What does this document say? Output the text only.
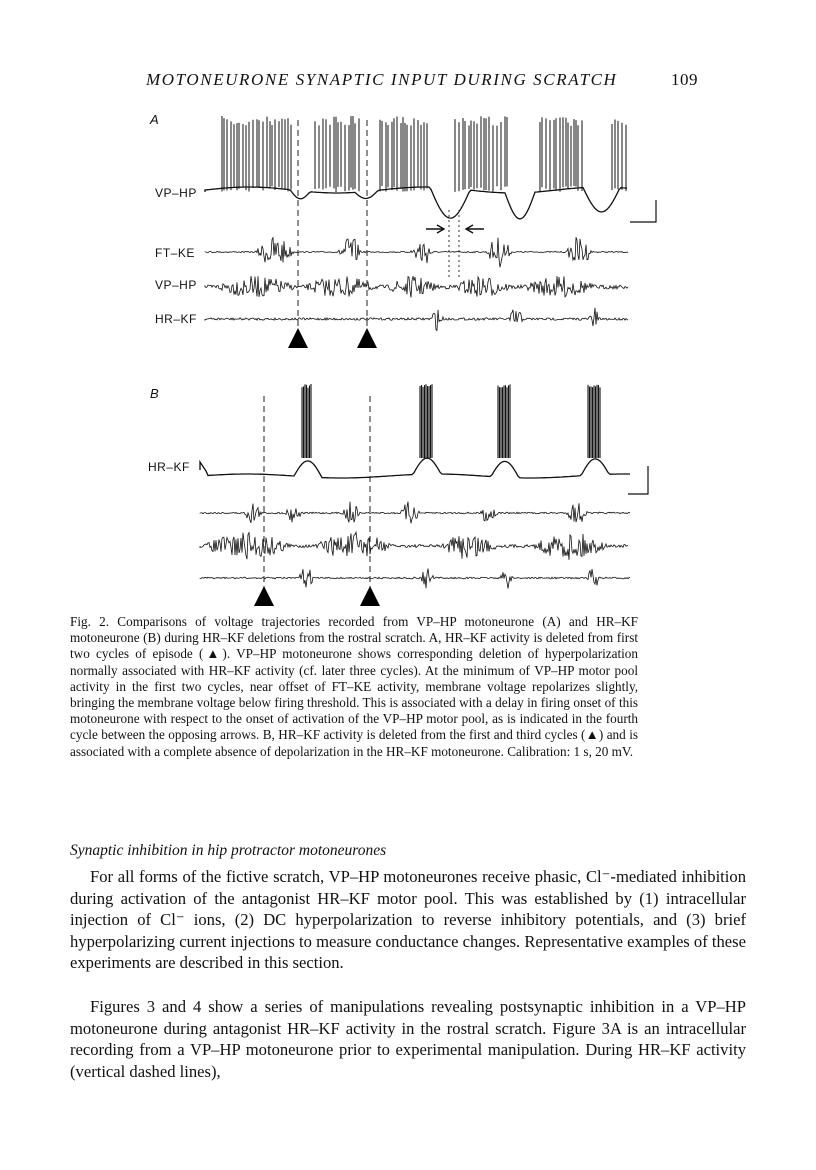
MOTONEURONE SYNAPTIC INPUT DURING SCRATCH	109
A
VP–HP
FT–KE
VP–HP
HR–KF
B
HR–KF
Fig. 2. Comparisons of voltage trajectories recorded from VP–HP motoneurone (A) and HR–KF motoneurone (B) during HR–KF deletions from the rostral scratch. A, HR–KF activity is deleted from first two cycles of episode (▲). VP–HP motoneurone shows corresponding deletion of hyperpolarization normally associated with HR–KF activity (cf. later three cycles). At the minimum of VP–HP motor pool activity in the first two cycles, near offset of FT–KE activity, membrane voltage repolarizes slightly, bringing the membrane voltage below firing threshold. This is associated with a delay in firing onset of this motoneurone with respect to the onset of activation of the VP–HP motor pool, as is indicated in the fourth cycle between the opposing arrows. B, HR–KF activity is deleted from the first and third cycles (▲) and is associated with a complete absence of depolarization in the HR–KF motoneurone. Calibration: 1 s, 20 mV.
Synaptic inhibition in hip protractor motoneurones

For all forms of the fictive scratch, VP–HP motoneurones receive phasic, Cl⁻-mediated inhibition during activation of the antagonist HR–KF motor pool. This was established by (1) intracellular injection of Cl⁻ ions, (2) DC hyperpolarization to reverse inhibitory potentials, and (3) brief hyperpolarizing current injections to measure conductance changes. Representative examples of these experiments are described in this section.

Figures 3 and 4 show a series of manipulations revealing postsynaptic inhibition in a VP–HP motoneurone during antagonist HR–KF activity in the rostral scratch. Figure 3A is an intracellular recording from a VP–HP motoneurone prior to experimental manipulation. During HR–KF activity (vertical dashed lines),
